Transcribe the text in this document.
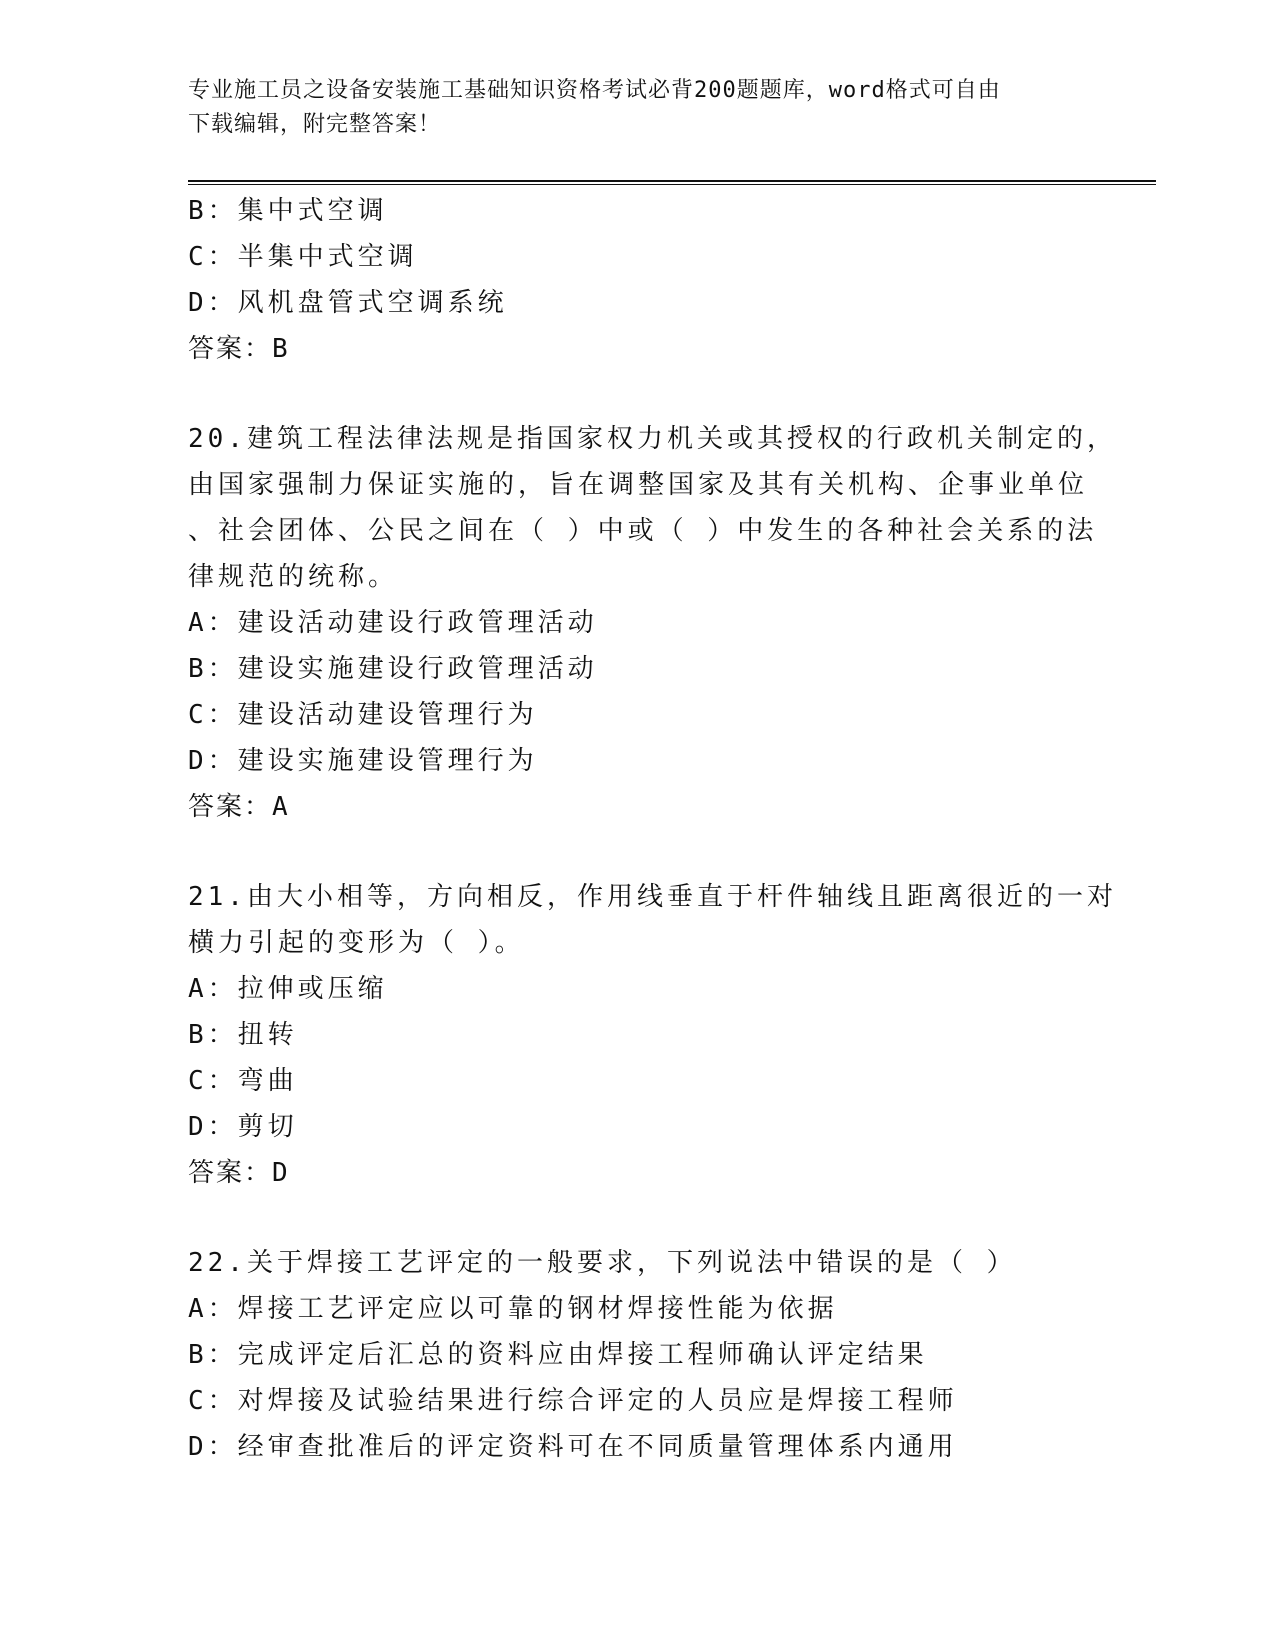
专业施工员之设备安装施工基础知识资格考试必背200题题库，word格式可自由
下载编辑，附完整答案！
B：集中式空调
C：半集中式空调
D：风机盘管式空调系统
答案：B
20.建筑工程法律法规是指国家权力机关或其授权的行政机关制定的，
由国家强制力保证实施的，旨在调整国家及其有关机构、企事业单位
、社会团体、公民之间在（ ）中或（ ）中发生的各种社会关系的法
律规范的统称。
A：建设活动建设行政管理活动
B：建设实施建设行政管理活动
C：建设活动建设管理行为
D：建设实施建设管理行为
答案：A
21.由大小相等，方向相反，作用线垂直于杆件轴线且距离很近的一对
横力引起的变形为（ ）。
A：拉伸或压缩
B：扭转
C：弯曲
D：剪切
答案：D
22.关于焊接工艺评定的一般要求，下列说法中错误的是（ ）
A：焊接工艺评定应以可靠的钢材焊接性能为依据
B：完成评定后汇总的资料应由焊接工程师确认评定结果
C：对焊接及试验结果进行综合评定的人员应是焊接工程师
D：经审查批准后的评定资料可在不同质量管理体系内通用
